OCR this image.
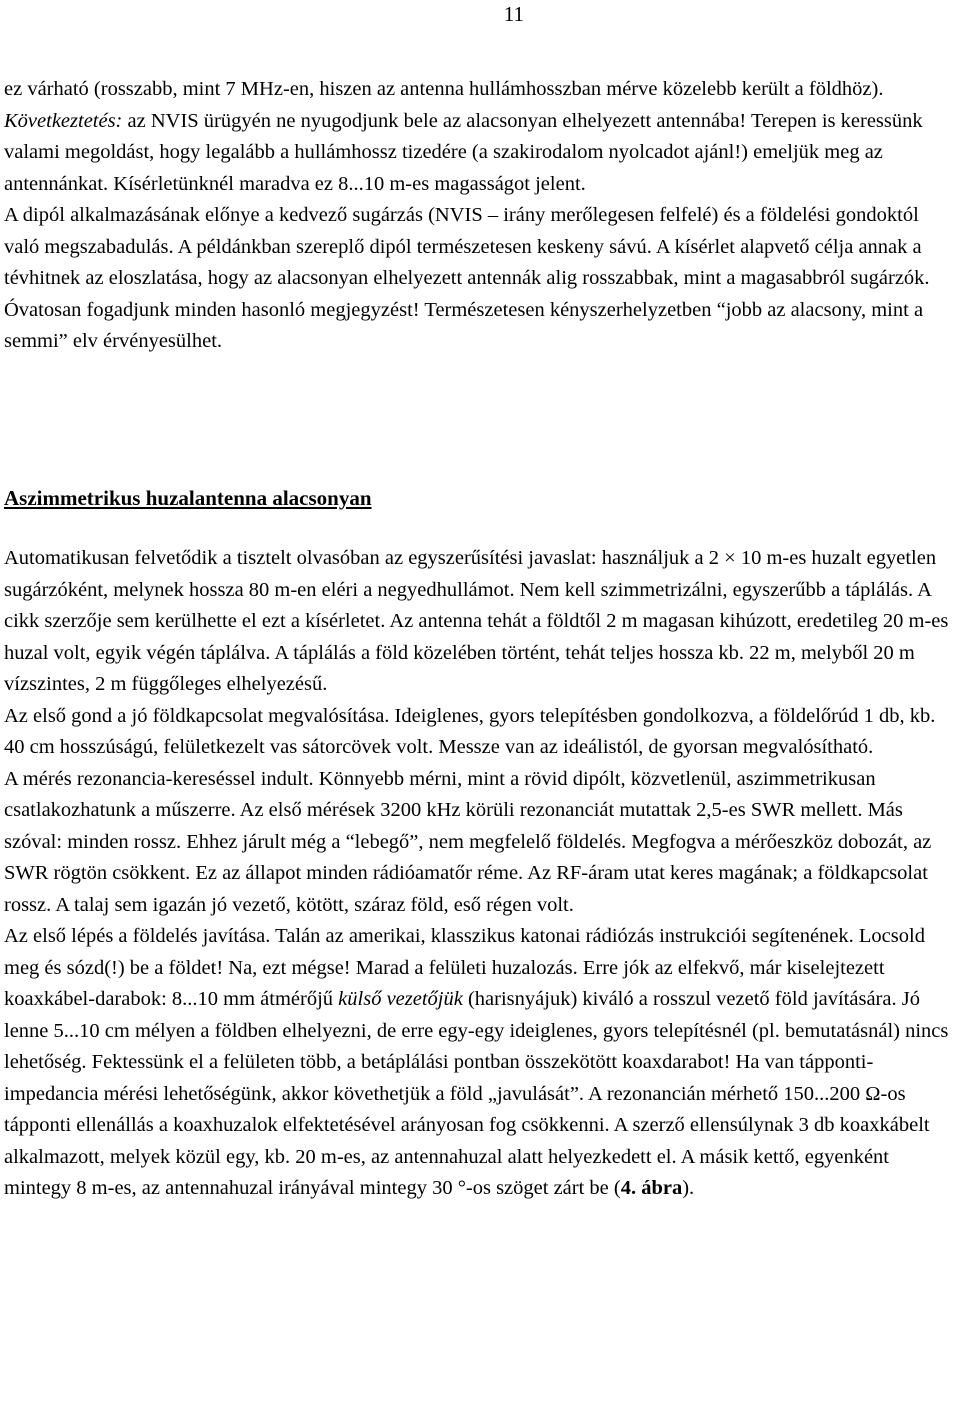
11

ez várható (rosszabb, mint 7 MHz-en, hiszen az antenna hullámhosszban mérve közelebb került a földhöz).
Következtetés: az NVIS ürügyén ne nyugodjunk bele az alacsonyan elhelyezett antennába! Terepen is keressünk valami megoldást, hogy legalább a hullámhossz tizedére (a szakirodalom nyolcadot ajánl!) emeljük meg az antennánkat. Kísérletünknél maradva ez 8...10 m-es magasságot jelent.
A dipól alkalmazásának előnye a kedvező sugárzás (NVIS – irány merőlegesen felfelé) és a földelési gondoktól való megszabadulás. A példánkban szereplő dipól természetesen keskeny sávú. A kísérlet alapvető célja annak a tévhitnek az eloszlatása, hogy az alacsonyan elhelyezett antennák alig rosszabbak, mint a magasabbról sugárzók. Óvatosan fogadjunk minden hasonló megjegyzést! Természetesen kényszerhelyzetben “jobb az alacsony, mint a semmi” elv érvényesülhet.

Aszimmetrikus huzalantenna alacsonyan

Automatikusan felvetődik a tisztelt olvasóban az egyszerűsítési javaslat: használjuk a 2 × 10 m-es huzalt egyetlen sugárzóként, melynek hossza 80 m-en eléri a negyedhullámot. Nem kell szimmetrizálni, egyszerűbb a táplálás. A cikk szerzője sem kerülhette el ezt a kísérletet. Az antenna tehát a földtől 2 m magasan kihúzott, eredetileg 20 m-es huzal volt, egyik végén táplálva. A táplálás a föld közelében történt, tehát teljes hossza kb. 22 m, melyből 20 m vízszintes, 2 m függőleges elhelyezésű.

Az első gond a jó földkapcsolat megvalósítása. Ideiglenes, gyors telepítésben gondolkozva, a földelőrúd 1 db, kb. 40 cm hosszúságú, felületkezelt vas sátorcövek volt. Messze van az ideálistól, de gyorsan megvalósítható.

A mérés rezonancia-kereséssel indult. Könnyebb mérni, mint a rövid dipólt, közvetlenül, aszimmetrikusan csatlakozhatunk a műszerre. Az első mérések 3200 kHz körüli rezonanciát mutattak 2,5-es SWR mellett. Más szóval: minden rossz. Ehhez járult még a “lebegő”, nem megfelelő földelés. Megfogva a mérőeszköz dobozát, az SWR rögtön csökkent. Ez az állapot minden rádióamatőr réme. Az RF-áram utat keres magának; a földkapcsolat rossz. A talaj sem igazán jó vezető, kötött, száraz föld, eső régen volt.

Az első lépés a földelés javítása. Talán az amerikai, klasszikus katonai rádiózás instrukciói segítenének. Locsold meg és sózd(!) be a földet! Na, ezt mégse! Marad a felületi huzalozás. Erre jók az elfekvő, már kiselejtezett koaxkábel-darabok: 8...10 mm átmérőjű külső vezetőjük (harisnyájuk) kiváló a rosszul vezető föld javítására. Jó lenne 5...10 cm mélyen a földben elhelyezni, de erre egy-egy ideiglenes, gyors telepítésnél (pl. bemutatásnál) nincs lehetőség. Fektessünk el a felületen több, a betáplálási pontban összekötött koaxdarabot! Ha van tápponti-impedancia mérési lehetőségünk, akkor követhetjük a föld „javulását”. A rezonancián mérhető 150...200 Ω-os tápponti ellenállás a koaxhuzalok elfektetésével arányosan fog csökkenni. A szerző ellensúlynak 3 db koaxkábelt alkalmazott, melyek közül egy, kb. 20 m-es, az antennahuzal alatt helyezkedett el. A másik kettő, egyenként mintegy 8 m-es, az antennahuzal irányával mintegy 30 °-os szöget zárt be (4. ábra).
